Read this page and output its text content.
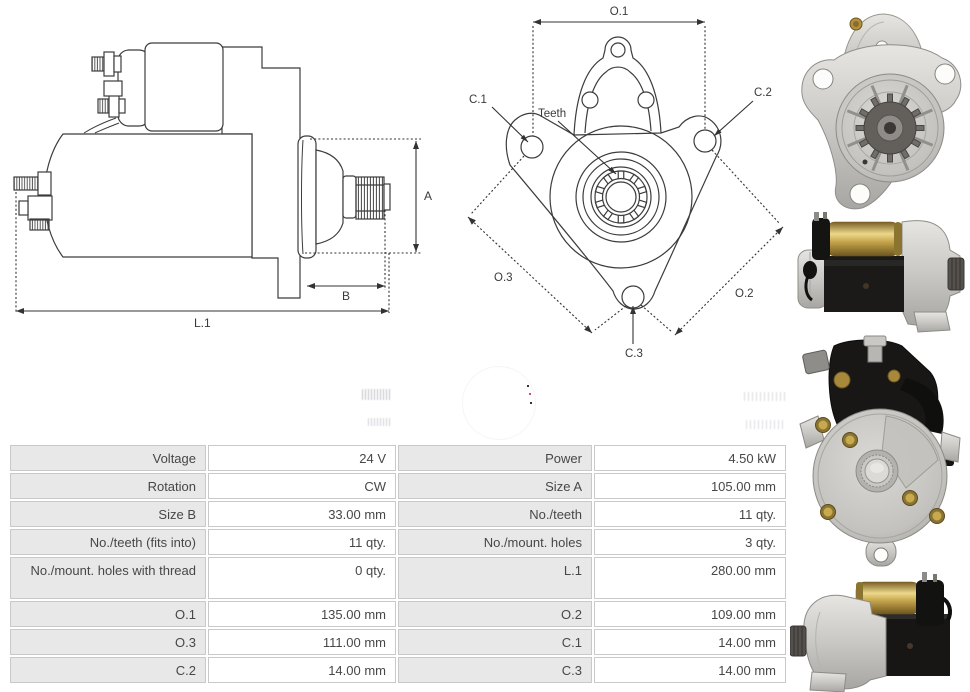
A
B
L.1
O.1
O.3
O.2
C.1
C.2
C.3
Teeth
Voltage	24 V	Power	4.50 kW
Rotation	CW	Size A	105.00 mm
Size B	33.00 mm	No./teeth	11 qty.
No./teeth (fits into)	11 qty.	No./mount. holes	3 qty.
No./mount. holes with thread	0 qty.	L.1	280.00 mm
O.1	135.00 mm	O.2	109.00 mm
O.3	111.00 mm	C.1	14.00 mm
C.2	14.00 mm	C.3	14.00 mm
